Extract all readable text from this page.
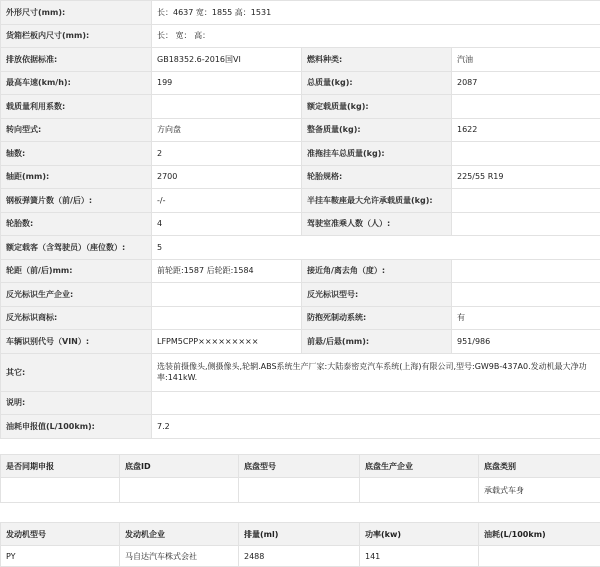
外形尺寸(mm):	长：4637 宽：1855 高：1531		
货箱栏板内尺寸(mm):	长： 宽： 高：		
排放依据标准:	GB18352.6-2016国VI	燃料种类:	汽油
最高车速(km/h):	199	总质量(kg):	2087
载质量利用系数:		额定载质量(kg):	
转向型式:	方向盘	整备质量(kg):	1622
轴数:	2	准拖挂车总质量(kg):	
轴距(mm):	2700	轮胎规格:	225/55 R19
钢板弹簧片数（前/后）:	-/-	半挂车鞍座最大允许承载质量(kg):	
轮胎数:	4	驾驶室准乘人数（人）:	
额定载客（含驾驶员）（座位数）:	5		
轮距（前/后)mm:	前轮距:1587 后轮距:1584	接近角/离去角（度）:	
反光标识生产企业:		反光标识型号:	
反光标识商标:		防抱死制动系统:	有
车辆识别代号（VIN）:	LFPM5CPP×××××××××	前悬/后悬(mm):	951/986
其它:	选装前摄像头,侧摄像头,轮辋.ABS系统生产厂家:大陆泰密克汽车系统(上海)有限公司,型号:GW9B-437A0.发动机最大净功率:141kW.		
说明:			
油耗申报值(L/100km):	7.2		
是否同期申报	底盘ID	底盘型号	底盘生产企业	底盘类别
				承载式车身
发动机型号	发动机企业	排量(ml)	功率(kw)	油耗(L/100km)
PY	马自达汽车株式会社	2488	141	
